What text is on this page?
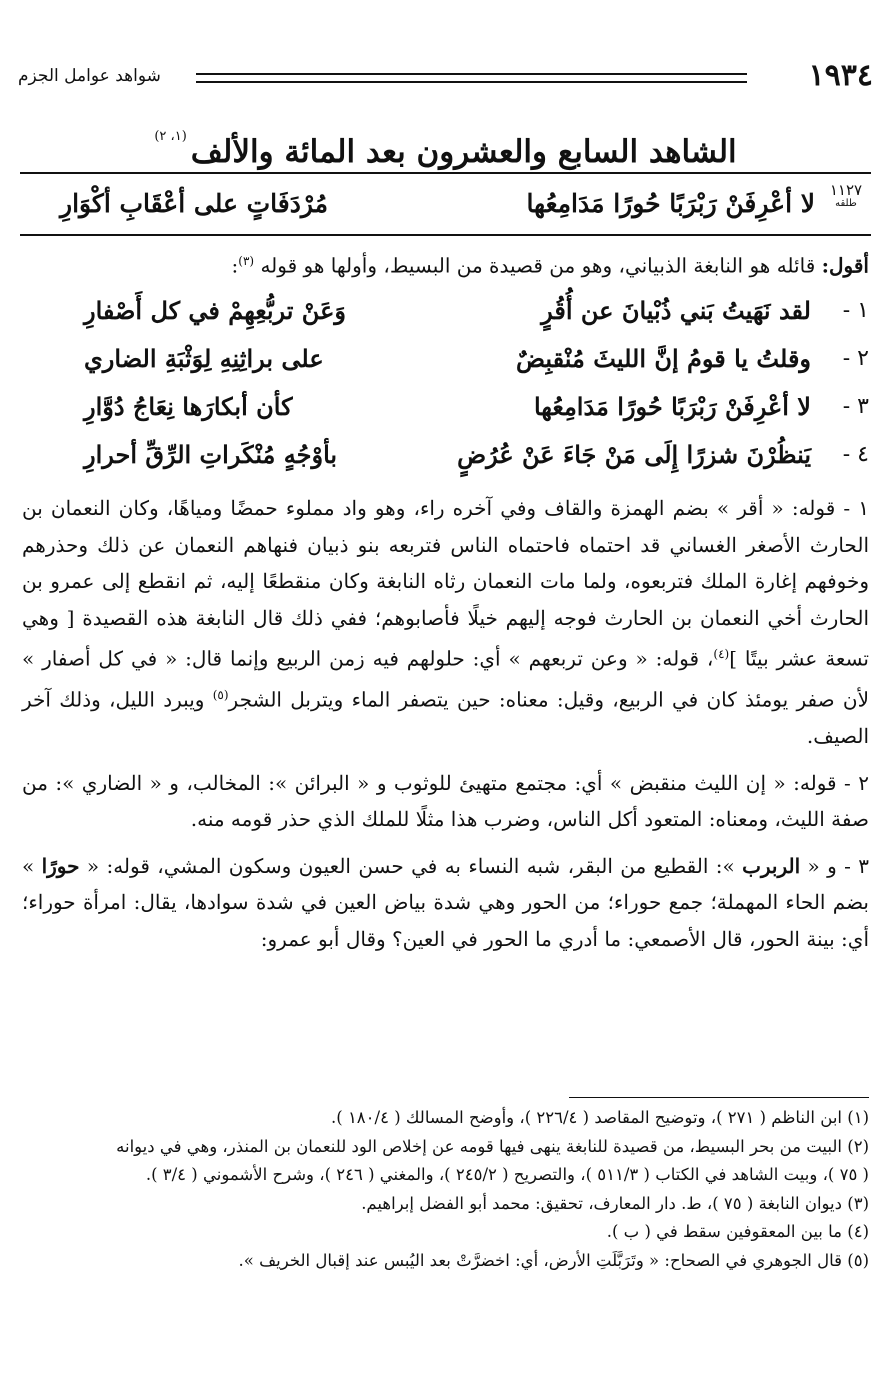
١٩٣٤
شواهد عوامل الجزم
الشاهد السابع والعشرون بعد المائة والألف$^{(١، ٢)}$
١١٢٧
طلقه
لا أعْرِفَنْ رَبْرَبًا حُورًا مَدَامِعُها
مُرْدَفَاتٍ على أعْقَابِ أكْوَارِ
أقول: قائله هو النابغة الذبياني، وهو من قصيدة من البسيط، وأولها هو قوله $^{(٣)}$:
١ -
لقد نَهَيتُ بَني ذُبْيانَ عن أُقُرٍ
وَعَنْ تربُّعِهِمْ في كل أَصْفارِ
٢ -
وقلتُ يا قومُ إنَّ الليثَ مُنْقبِضٌ
على براثِنِهِ لِوَثْبَةِ الضاري
٣ -
لا أعْرِفَنْ رَبْرَبًا حُورًا مَدَامِعُها
كأن أبكارَها نِعَاجُ دُوَّارِ
٤ -
يَنظُرْنَ شزرًا إِلَى مَنْ جَاءَ عَنْ عُرُضٍ
بأوْجُهٍ مُنْكَراتِ الرِّقِّ أحرارِ

١ - قوله: « أقر » بضم الهمزة والقاف وفي آخره راء، وهو واد مملوء حمضًا ومياهًا، وكان النعمان بن الحارث الأصغر الغساني قد احتماه فاحتماه الناس فتربعه بنو ذبيان فنهاهم النعمان عن ذلك وحذرهم وخوفهم إغارة الملك فتربعوه، ولما مات النعمان رثاه النابغة وكان منقطعًا إليه، ثم انقطع إلى عمرو بن الحارث أخي النعمان بن الحارث فوجه إليهم خيلًا فأصابوهم؛ ففي ذلك قال النابغة هذه القصيدة [ وهي تسعة عشر بيتًا ]$^{(٤)}$، قوله: « وعن تربعهم » أي: حلولهم فيه زمن الربيع وإنما قال: « في كل أصفار » لأن صفر يومئذ كان في الربيع، وقيل: معناه: حين يتصفر الماء ويتربل الشجر$^{(٥)}$ ويبرد الليل، وذلك آخر الصيف.

٢ - قوله: « إن الليث منقبض » أي: مجتمع متهيئ للوثوب و « البرائن »: المخالب، و « الضاري »: من صفة الليث، ومعناه: المتعود أكل الناس، وضرب هذا مثلًا للملك الذي حذر قومه منه.

٣ - و « الربرب »: القطيع من البقر، شبه النساء به في حسن العيون وسكون المشي، قوله: « حورًا » بضم الحاء المهملة؛ جمع حوراء؛ من الحور وهي شدة بياض العين في شدة سوادها، يقال: امرأة حوراء؛ أي: بينة الحور، قال الأصمعي: ما أدري ما الحور في العين؟ وقال أبو عمرو:

(١) ابن الناظم ( ٢٧١ )، وتوضيح المقاصد ( ٢٢٦/٤ )، وأوضح المسالك ( ١٨٠/٤ ).
(٢) البيت من بحر البسيط، من قصيدة للنابغة ينهى فيها قومه عن إخلاص الود للنعمان بن المنذر، وهي في ديوانه
( ٧٥ )، وبيت الشاهد في الكتاب ( ٥١١/٣ )، والتصريح ( ٢٤٥/٢ )، والمغني ( ٢٤٦ )، وشرح الأشموني ( ٣/٤ ).
(٣) ديوان النابغة ( ٧٥ )، ط. دار المعارف، تحقيق: محمد أبو الفضل إبراهيم.
(٤) ما بين المعقوفين سقط في ( ب ).
(٥) قال الجوهري في الصحاح: « وتَرَبَّلَتِ الأرض، أي: اخضرَّتْ بعد اليُبس عند إقبال الخريف ».
